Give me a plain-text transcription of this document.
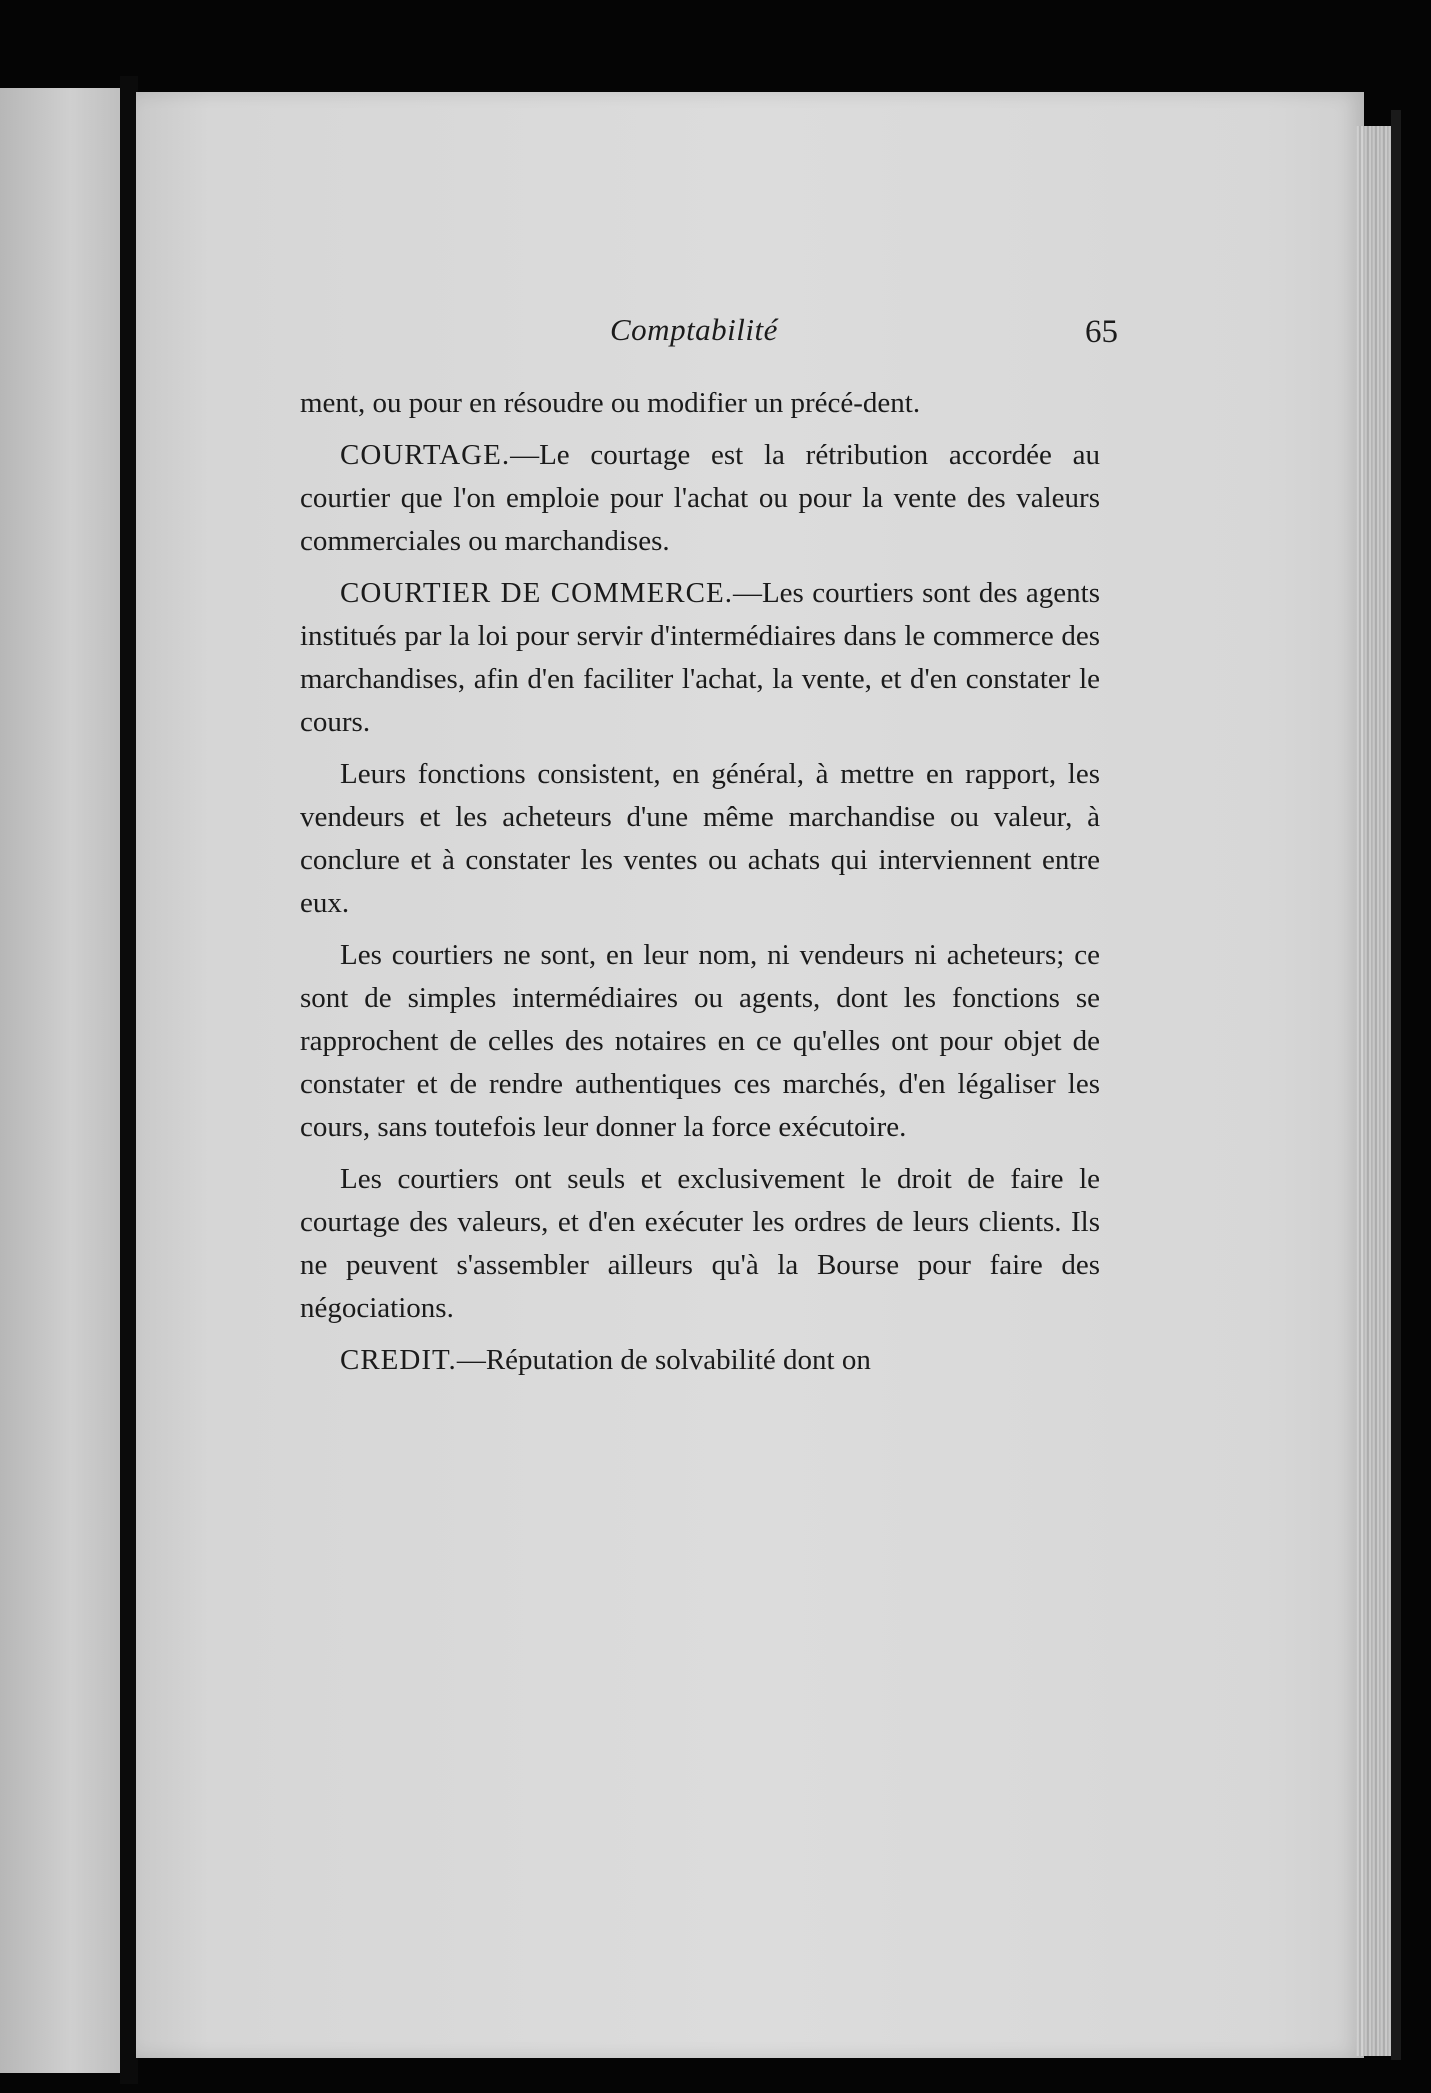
Comptabilité	65

ment, ou pour en résoudre ou modifier un précé-dent.

COURTAGE.—Le courtage est la rétribution accordée au courtier que l'on emploie pour l'achat ou pour la vente des valeurs commerciales ou marchandises.

COURTIER DE COMMERCE.—Les courtiers sont des agents institués par la loi pour servir d'intermédiaires dans le commerce des marchandises, afin d'en faciliter l'achat, la vente, et d'en constater le cours.

Leurs fonctions consistent, en général, à mettre en rapport, les vendeurs et les acheteurs d'une même marchandise ou valeur, à conclure et à constater les ventes ou achats qui interviennent entre eux.

Les courtiers ne sont, en leur nom, ni vendeurs ni acheteurs; ce sont de simples intermédiaires ou agents, dont les fonctions se rapprochent de celles des notaires en ce qu'elles ont pour objet de constater et de rendre authentiques ces marchés, d'en légaliser les cours, sans toutefois leur donner la force exécutoire.

Les courtiers ont seuls et exclusivement le droit de faire le courtage des valeurs, et d'en exécuter les ordres de leurs clients. Ils ne peuvent s'assembler ailleurs qu'à la Bourse pour faire des négociations.

CREDIT.—Réputation de solvabilité dont on
